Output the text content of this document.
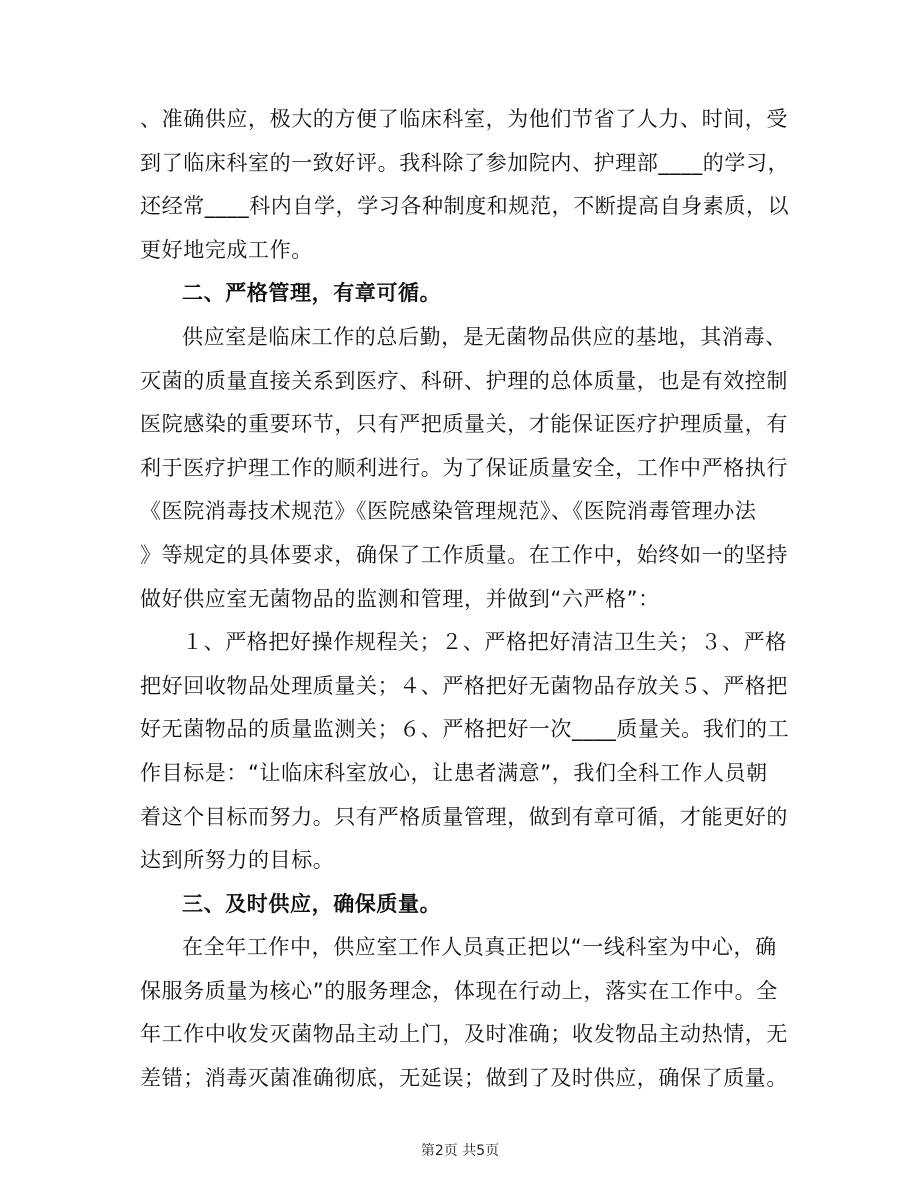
、准确供应，极大的方便了临床科室，为他们节省了人力、时间，受
到了临床科室的一致好评。我科除了参加院内、护理部____的学习，
还经常____科内自学，学习各种制度和规范，不断提高自身素质，以
更好地完成工作。
二、严格管理，有章可循。
供应室是临床工作的总后勤，是无菌物品供应的基地，其消毒、
灭菌的质量直接关系到医疗、科研、护理的总体质量，也是有效控制
医院感染的重要环节，只有严把质量关，才能保证医疗护理质量，有
利于医疗护理工作的顺利进行。为了保证质量安全，工作中严格执行
《医院消毒技术规范》《医院感染管理规范》、《医院消毒管理办法
》等规定的具体要求，确保了工作质量。在工作中，始终如一的坚持
做好供应室无菌物品的监测和管理，并做到“六严格”：
１、严格把好操作规程关；２、严格把好清洁卫生关；３、严格
把好回收物品处理质量关；４、严格把好无菌物品存放关５、严格把
好无菌物品的质量监测关；６、严格把好一次____质量关。我们的工
作目标是：“让临床科室放心，让患者满意”，我们全科工作人员朝
着这个目标而努力。只有严格质量管理，做到有章可循，才能更好的
达到所努力的目标。
三、及时供应，确保质量。
在全年工作中，供应室工作人员真正把以“一线科室为中心，确
保服务质量为核心”的服务理念，体现在行动上，落实在工作中。全
年工作中收发灭菌物品主动上门，及时准确；收发物品主动热情，无
差错；消毒灭菌准确彻底，无延误；做到了及时供应，确保了质量。
第2页 共5页
